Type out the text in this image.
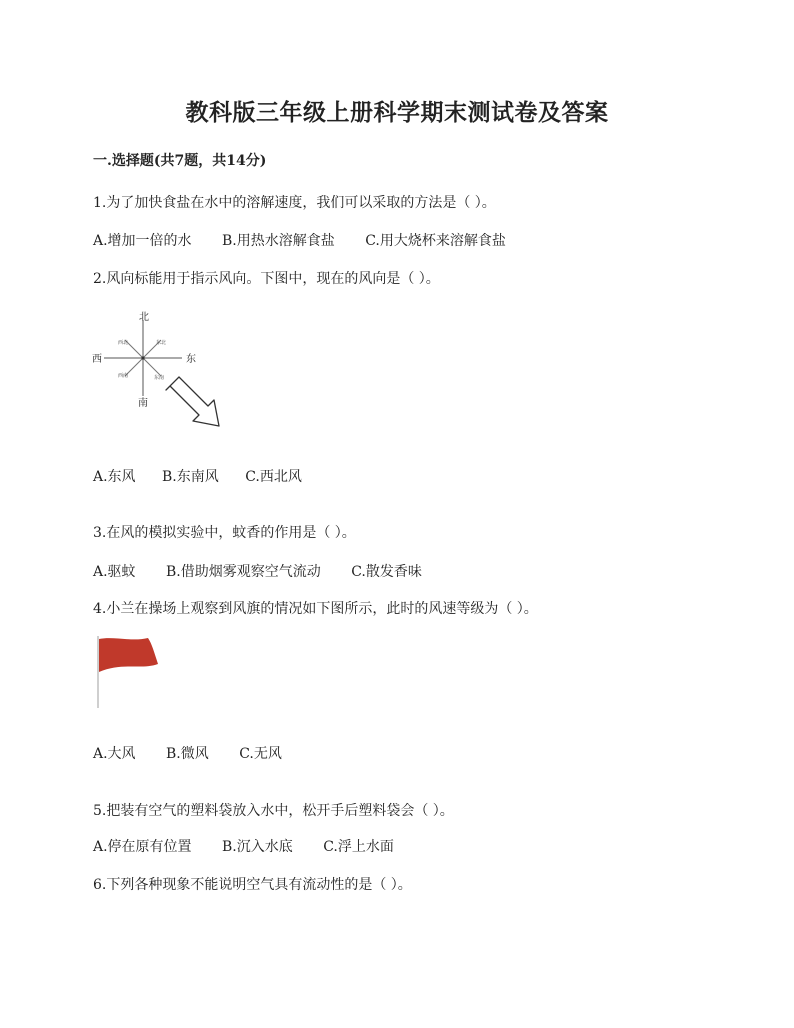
教科版三年级上册科学期末测试卷及答案
一.选择题(共7题，共14分)
1.为了加快食盐在水中的溶解速度，我们可以采取的方法是（ ）。
A.增加一倍的水 B.用热水溶解食盐 C.用大烧杯来溶解食盐
2.风向标能用于指示风向。下图中，现在的风向是（ ）。
北
南
西	东
西北	东北
西南	东南
A.东风 B.东南风 C.西北风
3.在风的模拟实验中，蚊香的作用是（ ）。
A.驱蚊 B.借助烟雾观察空气流动 C.散发香味
4.小兰在操场上观察到风旗的情况如下图所示，此时的风速等级为（ ）。
A.大风 B.微风 C.无风
5.把装有空气的塑料袋放入水中，松开手后塑料袋会（ ）。
A.停在原有位置 B.沉入水底 C.浮上水面
6.下列各种现象不能说明空气具有流动性的是（ ）。
